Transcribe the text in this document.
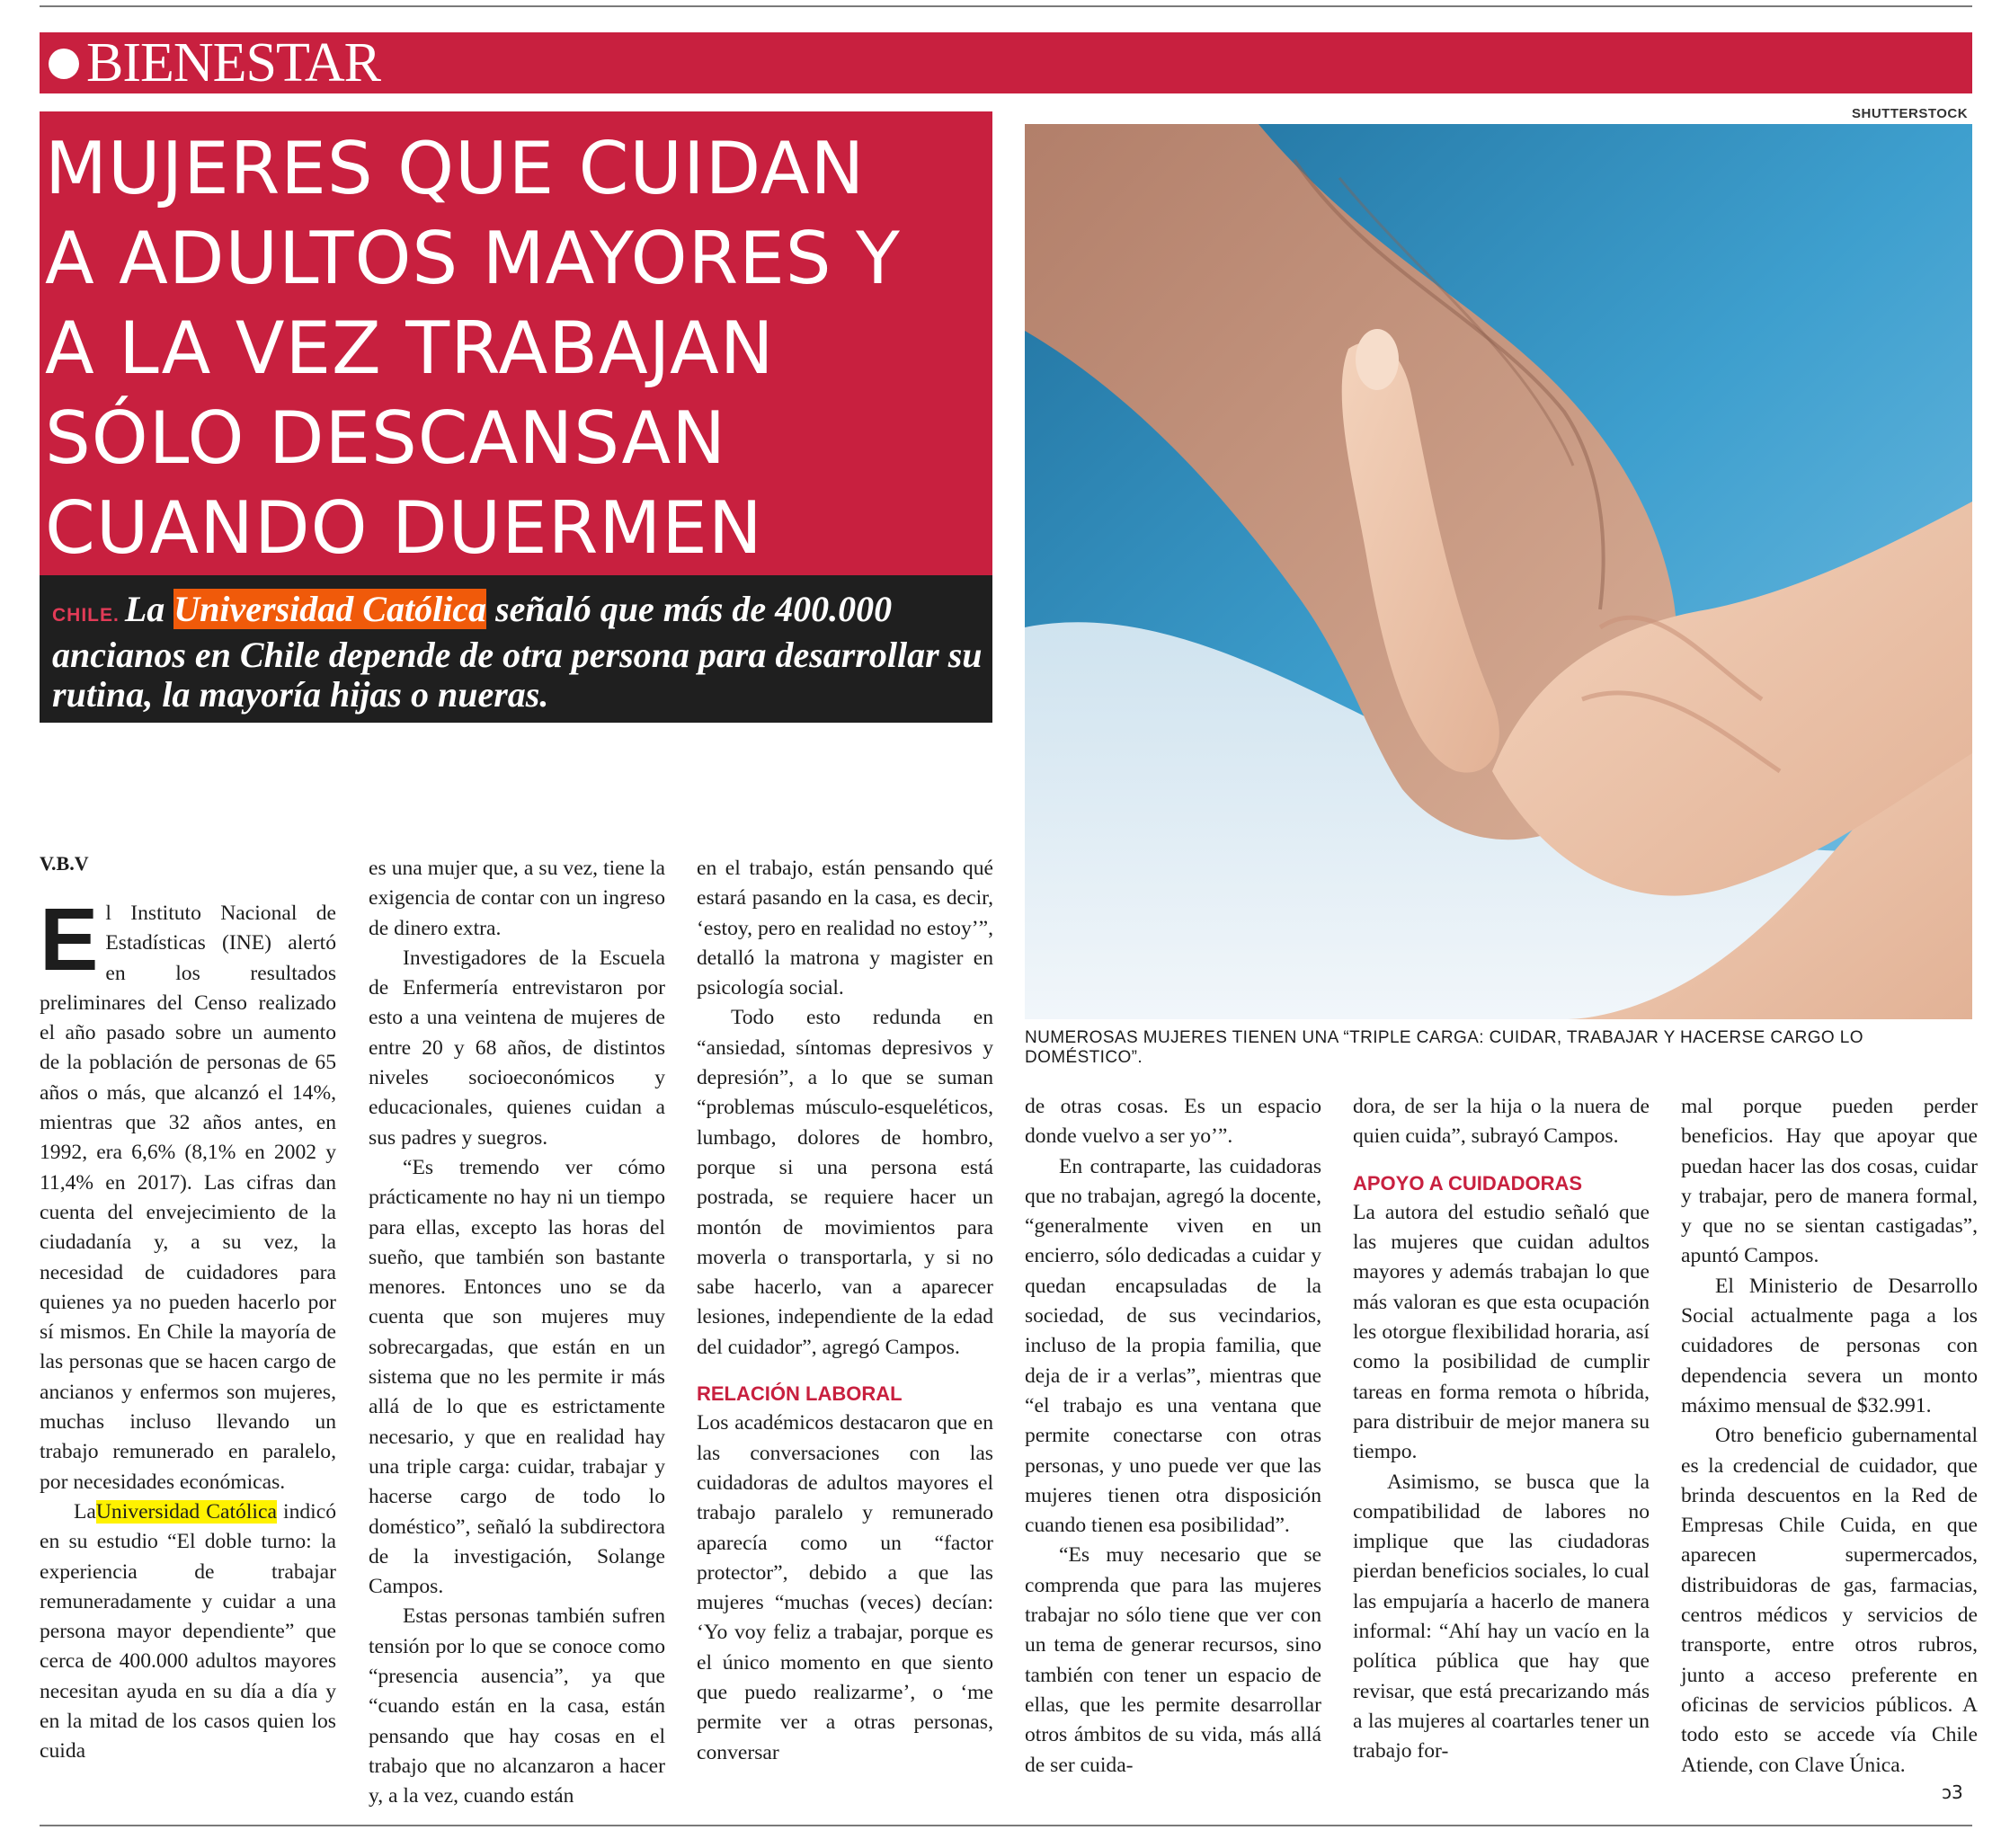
BIENESTAR
MUJERES QUE CUIDAN
A ADULTOS MAYORES Y
A LA VEZ TRABAJAN
SÓLO DESCANSAN
CUANDO DUERMEN

CHILE. La Universidad Católica señaló que más de 400.000 ancianos en Chile depende de otra persona para desarrollar su rutina, la mayoría hijas o nueras.

SHUTTERSTOCK
NUMEROSAS MUJERES TIENEN UNA “TRIPLE CARGA: CUIDAR, TRABAJAR Y HACERSE CARGO LO DOMÉSTICO”.
V.B.V

El Instituto Nacional de Estadísticas (INE) alertó en los resultados preliminares del Censo realizado el año pasado sobre un aumento de la población de personas de 65 años o más, que alcanzó el 14%, mientras que 32 años antes, en 1992, era 6,6% (8,1% en 2002 y 11,4% en 2017). Las cifras dan cuenta del envejecimiento de la ciudadanía y, a su vez, la necesidad de cuidadores para quienes ya no pueden hacerlo por sí mismos. En Chile la mayoría de las personas que se hacen cargo de ancianos y enfermos son mujeres, muchas incluso llevando un trabajo remunerado en paralelo, por necesidades económicas.

LaUniversidad Católica indicó en su estudio “El doble turno: la experiencia de trabajar remuneradamente y cuidar a una persona mayor dependiente” que cerca de 400.000 adultos mayores necesitan ayuda en su día a día y en la mitad de los casos quien los cuida

es una mujer que, a su vez, tiene la exigencia de contar con un ingreso de dinero extra.

Investigadores de la Escuela de Enfermería entrevistaron por esto a una veintena de mujeres de entre 20 y 68 años, de distintos niveles socioeconómicos y educacionales, quienes cuidan a sus padres y suegros.

“Es tremendo ver cómo prácticamente no hay ni un tiempo para ellas, excepto las horas del sueño, que también son bastante menores. Entonces uno se da cuenta que son mujeres muy sobrecargadas, que están en un sistema que no les permite ir más allá de lo que es estrictamente necesario, y que en realidad hay una triple carga: cuidar, trabajar y hacerse cargo de todo lo doméstico”, señaló la subdirectora de la investigación, Solange Campos.

Estas personas también sufren tensión por lo que se conoce como “presencia ausencia”, ya que “cuando están en la casa, están pensando que hay cosas en el trabajo que no alcanzaron a hacer y, a la vez, cuando están

en el trabajo, están pensando qué estará pasando en la casa, es decir, ‘estoy, pero en realidad no estoy’”, detalló la matrona y magister en psicología social.

Todo esto redunda en “ansiedad, síntomas depresivos y depresión”, a lo que se suman “problemas músculo-esqueléticos, lumbago, dolores de hombro, porque si una persona está postrada, se requiere hacer un montón de movimientos para moverla o transportarla, y si no sabe hacerlo, van a aparecer lesiones, independiente de la edad del cuidador”, agregó Campos.

RELACIÓN LABORAL

Los académicos destacaron que en las conversaciones con las cuidadoras de adultos mayores el trabajo paralelo y remunerado aparecía como un “factor protector”, debido a que las mujeres “muchas (veces) decían: ‘Yo voy feliz a trabajar, porque es el único momento en que siento que puedo realizarme’, o ‘me permite ver a otras personas, conversar

de otras cosas. Es un espacio donde vuelvo a ser yo’”.

En contraparte, las cuidadoras que no trabajan, agregó la docente, “generalmente viven en un encierro, sólo dedicadas a cuidar y quedan encapsuladas de la sociedad, de sus vecindarios, incluso de la propia familia, que deja de ir a verlas”, mientras que “el trabajo es una ventana que permite conectarse con otras personas, y uno puede ver que las mujeres tienen otra disposición cuando tienen esa posibilidad”.

“Es muy necesario que se comprenda que para las mujeres trabajar no sólo tiene que ver con un tema de generar recursos, sino también con tener un espacio de ellas, que les permite desarrollar otros ámbitos de su vida, más allá de ser cuida-

dora, de ser la hija o la nuera de quien cuida”, subrayó Campos.

APOYO A CUIDADORAS

La autora del estudio señaló que las mujeres que cuidan adultos mayores y además trabajan lo que más valoran es que esta ocupación les otorgue flexibilidad horaria, así como la posibilidad de cumplir tareas en forma remota o híbrida, para distribuir de mejor manera su tiempo.

Asimismo, se busca que la compatibilidad de labores no implique que las ciudadoras pierdan beneficios sociales, lo cual las empujaría a hacerlo de manera informal: “Ahí hay un vacío en la política pública que hay que revisar, que está precarizando más a las mujeres al coartarles tener un trabajo for-

mal porque pueden perder beneficios. Hay que apoyar que puedan hacer las dos cosas, cuidar y trabajar, pero de manera formal, y que no se sientan castigadas”, apuntó Campos.

El Ministerio de Desarrollo Social actualmente paga a los cuidadores de personas con dependencia severa un monto máximo mensual de $32.991.

Otro beneficio gubernamental es la credencial de cuidador, que brinda descuentos en la Red de Empresas Chile Cuida, en que aparecen supermercados, distribuidoras de gas, farmacias, centros médicos y servicios de transporte, entre otros rubros, junto a acceso preferente en oficinas de servicios públicos. A todo esto se accede vía Chile Atiende, con Clave Única.

ↄ3
